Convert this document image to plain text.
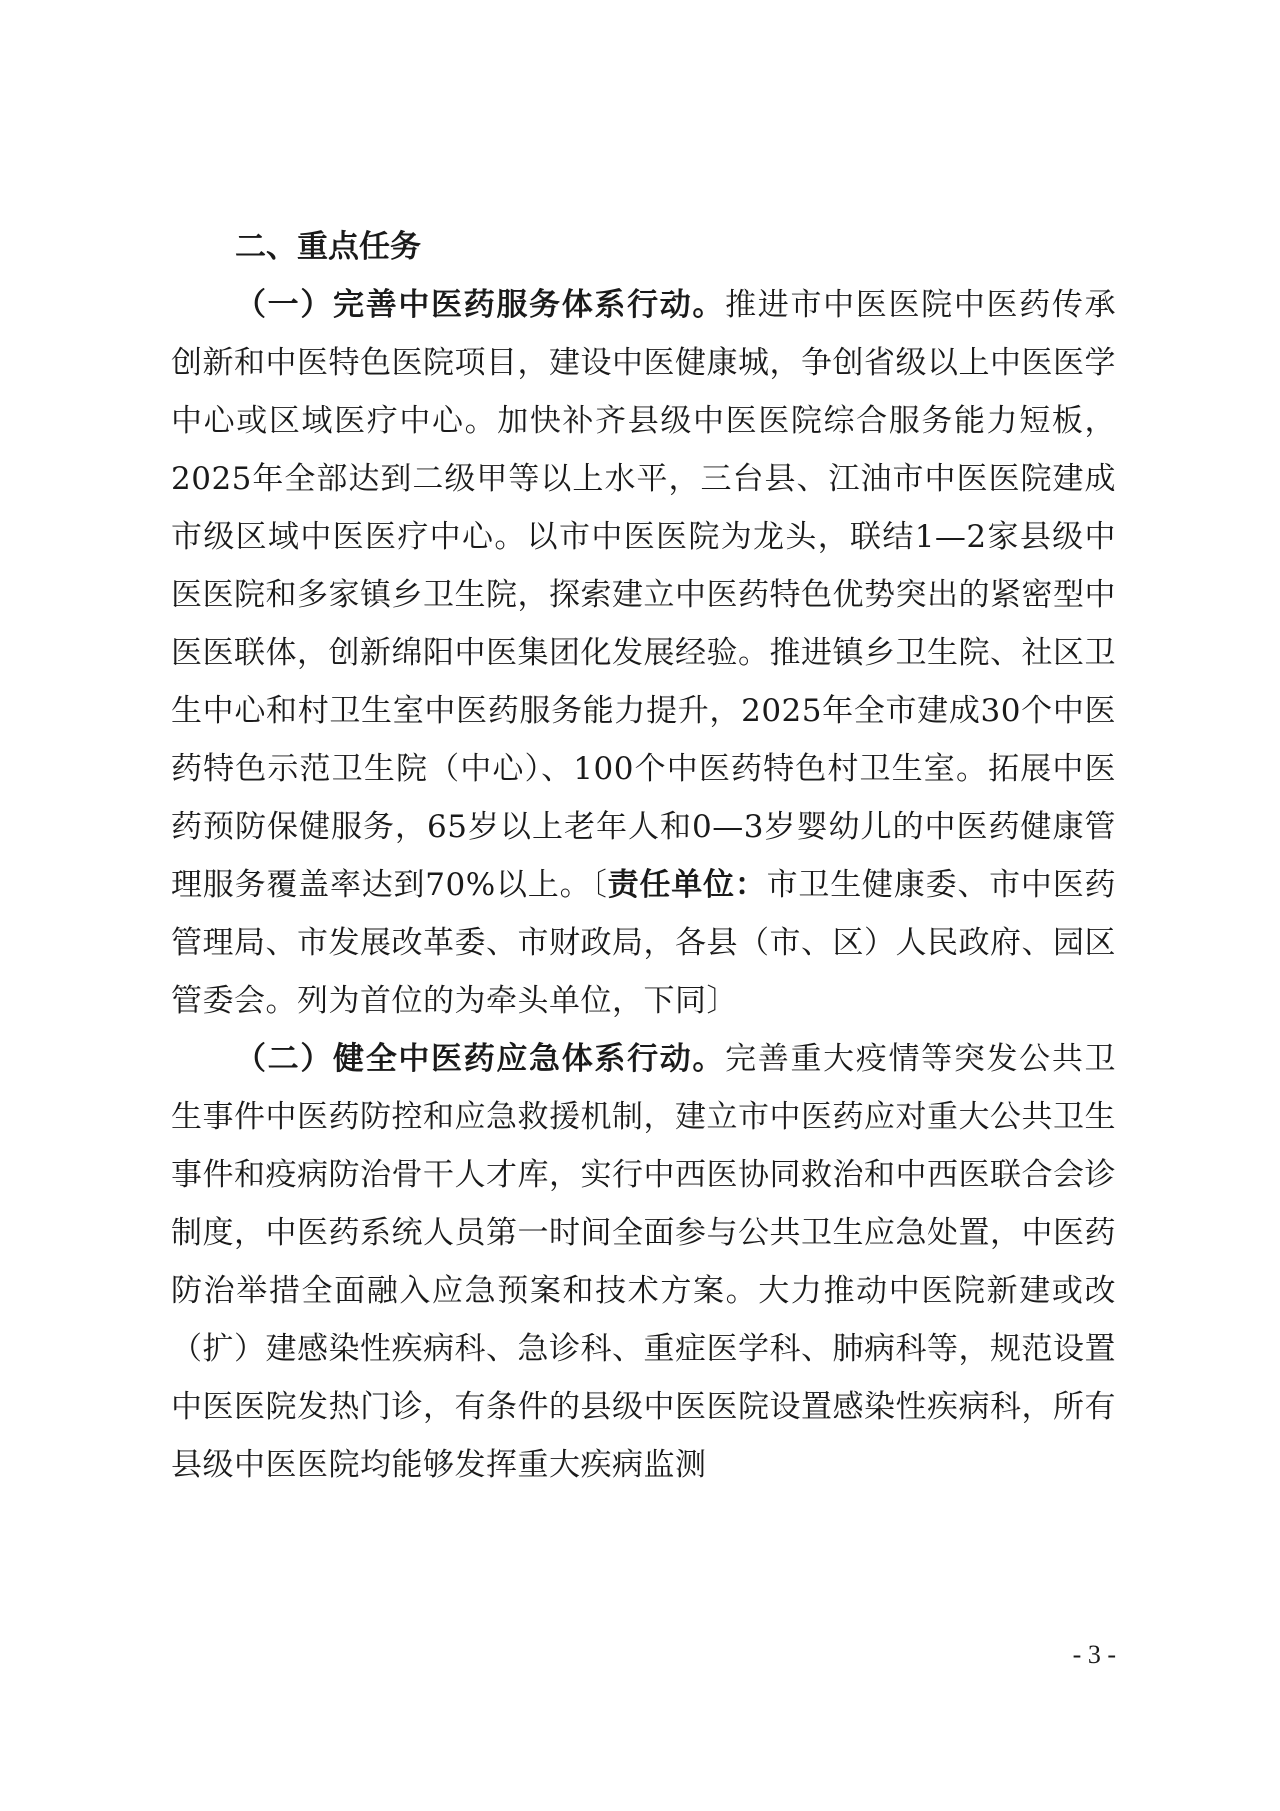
二、重点任务

（一）完善中医药服务体系行动。推进市中医医院中医药传承创新和中医特色医院项目，建设中医健康城，争创省级以上中医医学中心或区域医疗中心。加快补齐县级中医医院综合服务能力短板，2025年全部达到二级甲等以上水平，三台县、江油市中医医院建成市级区域中医医疗中心。以市中医医院为龙头，联结1—2家县级中医医院和多家镇乡卫生院，探索建立中医药特色优势突出的紧密型中医医联体，创新绵阳中医集团化发展经验。推进镇乡卫生院、社区卫生中心和村卫生室中医药服务能力提升，2025年全市建成30个中医药特色示范卫生院（中心）、100个中医药特色村卫生室。拓展中医药预防保健服务，65岁以上老年人和0—3岁婴幼儿的中医药健康管理服务覆盖率达到70%以上。〔责任单位：市卫生健康委、市中医药管理局、市发展改革委、市财政局，各县（市、区）人民政府、园区管委会。列为首位的为牵头单位，下同〕

（二）健全中医药应急体系行动。完善重大疫情等突发公共卫生事件中医药防控和应急救援机制，建立市中医药应对重大公共卫生事件和疫病防治骨干人才库，实行中西医协同救治和中西医联合会诊制度，中医药系统人员第一时间全面参与公共卫生应急处置，中医药防治举措全面融入应急预案和技术方案。大力推动中医院新建或改（扩）建感染性疾病科、急诊科、重症医学科、肺病科等，规范设置中医医院发热门诊，有条件的县级中医医院设置感染性疾病科，所有县级中医医院均能够发挥重大疾病监测

- 3 -
